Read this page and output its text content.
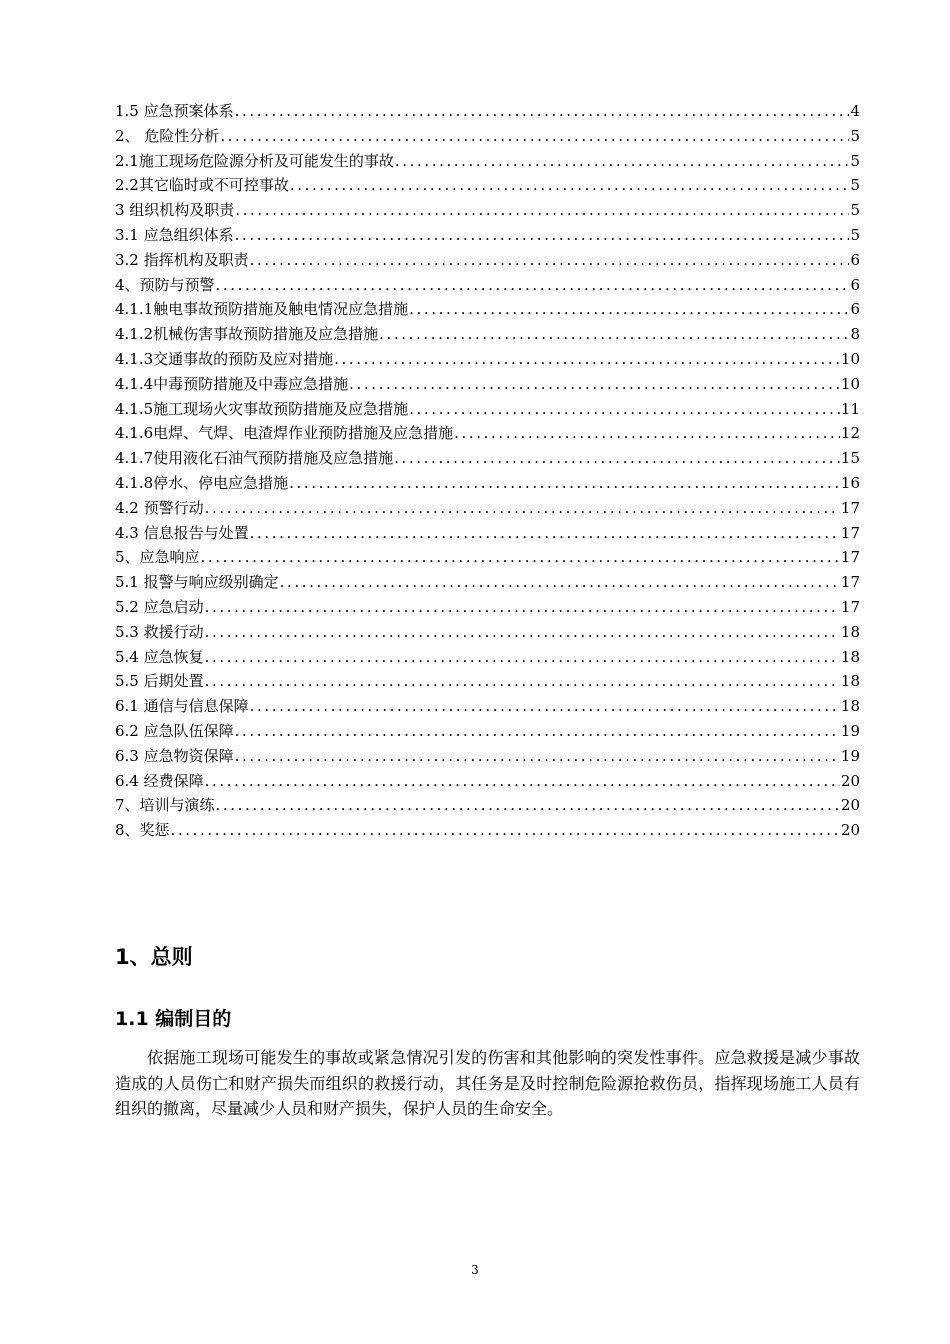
1.5 应急预案体系 .....	4
2、 危险性分析 .....	5
2.1施工现场危险源分析及可能发生的事故 .....	5
2.2其它临时或不可控事故 .....	5
3 组织机构及职责 .....	5
3.1 应急组织体系 .....	5
3.2 指挥机构及职责 .....	6
4、预防与预警 .....	6
4.1.1触电事故预防措施及触电情况应急措施 .....	6
4.1.2机械伤害事故预防措施及应急措施 .....	8
4.1.3交通事故的预防及应对措施 .....	10
4.1.4中毒预防措施及中毒应急措施 .....	10
4.1.5施工现场火灾事故预防措施及应急措施 .....	11
4.1.6电焊、气焊、电渣焊作业预防措施及应急措施 .....	12
4.1.7使用液化石油气预防措施及应急措施 .....	15
4.1.8停水、停电应急措施 .....	16
4.2 预警行动 .....	17
4.3 信息报告与处置 .....	17
5、应急响应 .....	17
5.1 报警与响应级别确定 .....	17
5.2 应急启动 .....	17
5.3 救援行动 .....	18
5.4 应急恢复 .....	18
5.5 后期处置 .....	18
6.1 通信与信息保障 .....	18
6.2 应急队伍保障 .....	19
6.3 应急物资保障 .....	19
6.4 经费保障 .....	20
7、培训与演练 .....	20
8、奖惩 .....	20
1、总则
1.1 编制目的

依据施工现场可能发生的事故或紧急情况引发的伤害和其他影响的突发性事件。应急救援是减少事故造成的人员伤亡和财产损失而组织的救援行动，其任务是及时控制危险源抢救伤员，指挥现场施工人员有组织的撤离，尽量减少人员和财产损失，保护人员的生命安全。

3
